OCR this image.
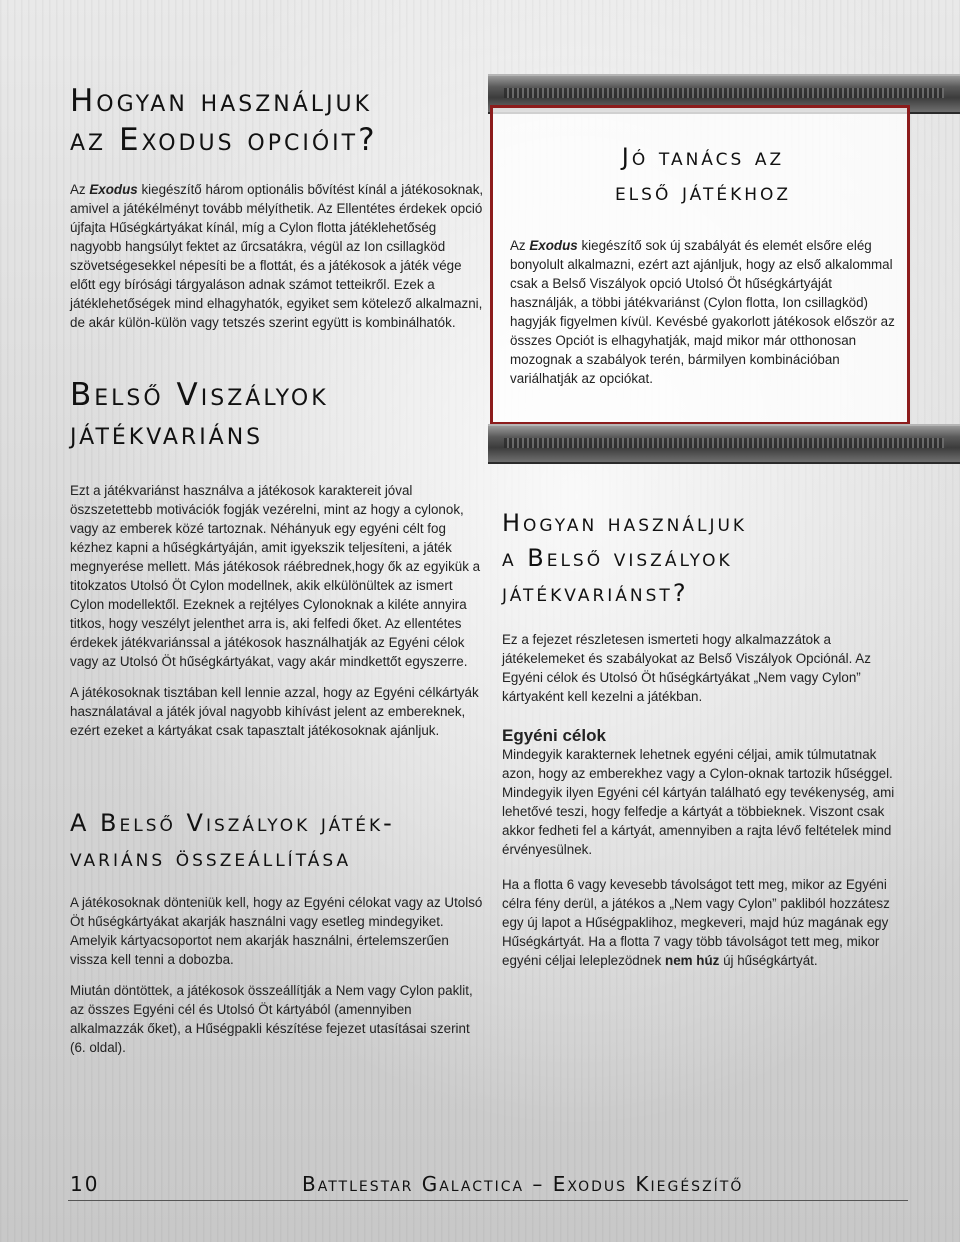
Hogyan használjuk
az Exodus opcióit?

Az Exodus kiegészítő három optionális bővítést kínál a játékosoknak, amivel a játékélményt tovább mélyíthetik. Az Ellentétes érdekek opció újfajta Hűségkártyákat kínál, míg a Cylon flotta játéklehetőség nagyobb hangsúlyt fektet az űrcsatákra, végül az Ion csillagköd szövetségesekkel népesíti be a flottát, és a játékosok a játék vége előtt egy bírósági tárgyaláson adnak számot tetteikről. Ezek a játéklehetőségek mind elhagyhatók, egyiket sem kötelező alkalmazni, de akár külön-külön vagy tetszés szerint együtt is kombinálhatók.

Belső Viszályok
játékvariáns

Ezt a játékvariánst használva a játékosok karaktereit jóval öszszetettebb motivációk fogják vezérelni, mint az hogy a cylonok, vagy az emberek közé tartoznak. Néhányuk egy egyéni célt fog kézhez kapni a hűségkártyáján, amit igyekszik teljesíteni, a játék megnyerése mellett. Más játékosok ráébrednek,hogy ők az egyikük a titokzatos Utolsó Öt Cylon modellnek, akik elkülönültek az ismert Cylon modellektől. Ezeknek a rejtélyes Cylonoknak a kiléte annyira titkos, hogy veszélyt jelenthet arra is, aki felfedi őket. Az ellentétes érdekek játékvariánssal a játékosok használhatják az Egyéni célok vagy az Utolsó Öt hűségkártyákat, vagy akár mindkettőt egyszerre.

A játékosoknak tisztában kell lennie azzal, hogy az Egyéni célkártyák használatával a játék jóval nagyobb kihívást jelent az embereknek, ezért ezeket a kártyákat csak tapasztalt játékosoknak ajánljuk.

A Belső Viszályok játék-
variáns összeállítása

A játékosoknak dönteniük kell, hogy az Egyéni célokat vagy az Utolsó Öt hűségkártyákat akarják használni vagy esetleg mindegyiket. Amelyik kártyacsoportot nem akarják használni, értelemszerűen vissza kell tenni a dobozba.

Miután döntöttek, a játékosok összeállítják a Nem vagy Cylon paklit, az összes Egyéni cél és Utolsó Öt kártyából (amennyiben alkalmazzák őket), a Hűségpakli készítése fejezet utasításai szerint (6. oldal).

Jó tanács az
első játékhoz

Az Exodus kiegészítő sok új szabályát és elemét elsőre elég bonyolult alkalmazni, ezért azt ajánljuk, hogy az első alkalommal csak a Belső Viszályok opció Utolsó Öt hűségkártyáját használják, a többi játékvariánst (Cylon flotta, Ion csillagköd) hagyják figyelmen kívül. Kevésbé gyakorlott játékosok először az összes Opciót is elhagyhatják, majd mikor már otthonosan mozognak a szabályok terén, bármilyen kombinációban variálhatják az opciókat.

Hogyan használjuk
a Belső viszályok
játékvariánst?

Ez a fejezet részletesen ismerteti hogy alkalmazzátok a játékelemeket és szabályokat az Belső Viszályok Opciónál. Az Egyéni célok és Utolsó Öt hűségkártyákat „Nem vagy Cylon” kártyaként kell kezelni a játékban.

Egyéni célok

Mindegyik karakternek lehetnek egyéni céljai, amik túlmutatnak azon, hogy az emberekhez vagy a Cylon-oknak tartozik hűséggel. Mindegyik ilyen Egyéni cél kártyán található egy tevékenység, ami lehetővé teszi, hogy felfedje a kártyát a többieknek. Viszont csak akkor fedheti fel a kártyát, amennyiben a rajta lévő feltételek mind érvényesülnek.

Ha a flotta 6 vagy kevesebb távolságot tett meg, mikor az Egyéni célra fény derül, a játékos a „Nem vagy Cylon” pakliból hozzátesz egy új lapot a Hűségpaklihoz, megkeveri, majd húz magának egy Hűségkártyát. Ha a flotta 7 vagy több távolságot tett meg, mikor egyéni céljai leleplezödnek nem húz új hűségkártyát.

10	Battlestar Galactica – Exodus Kiegészítő
